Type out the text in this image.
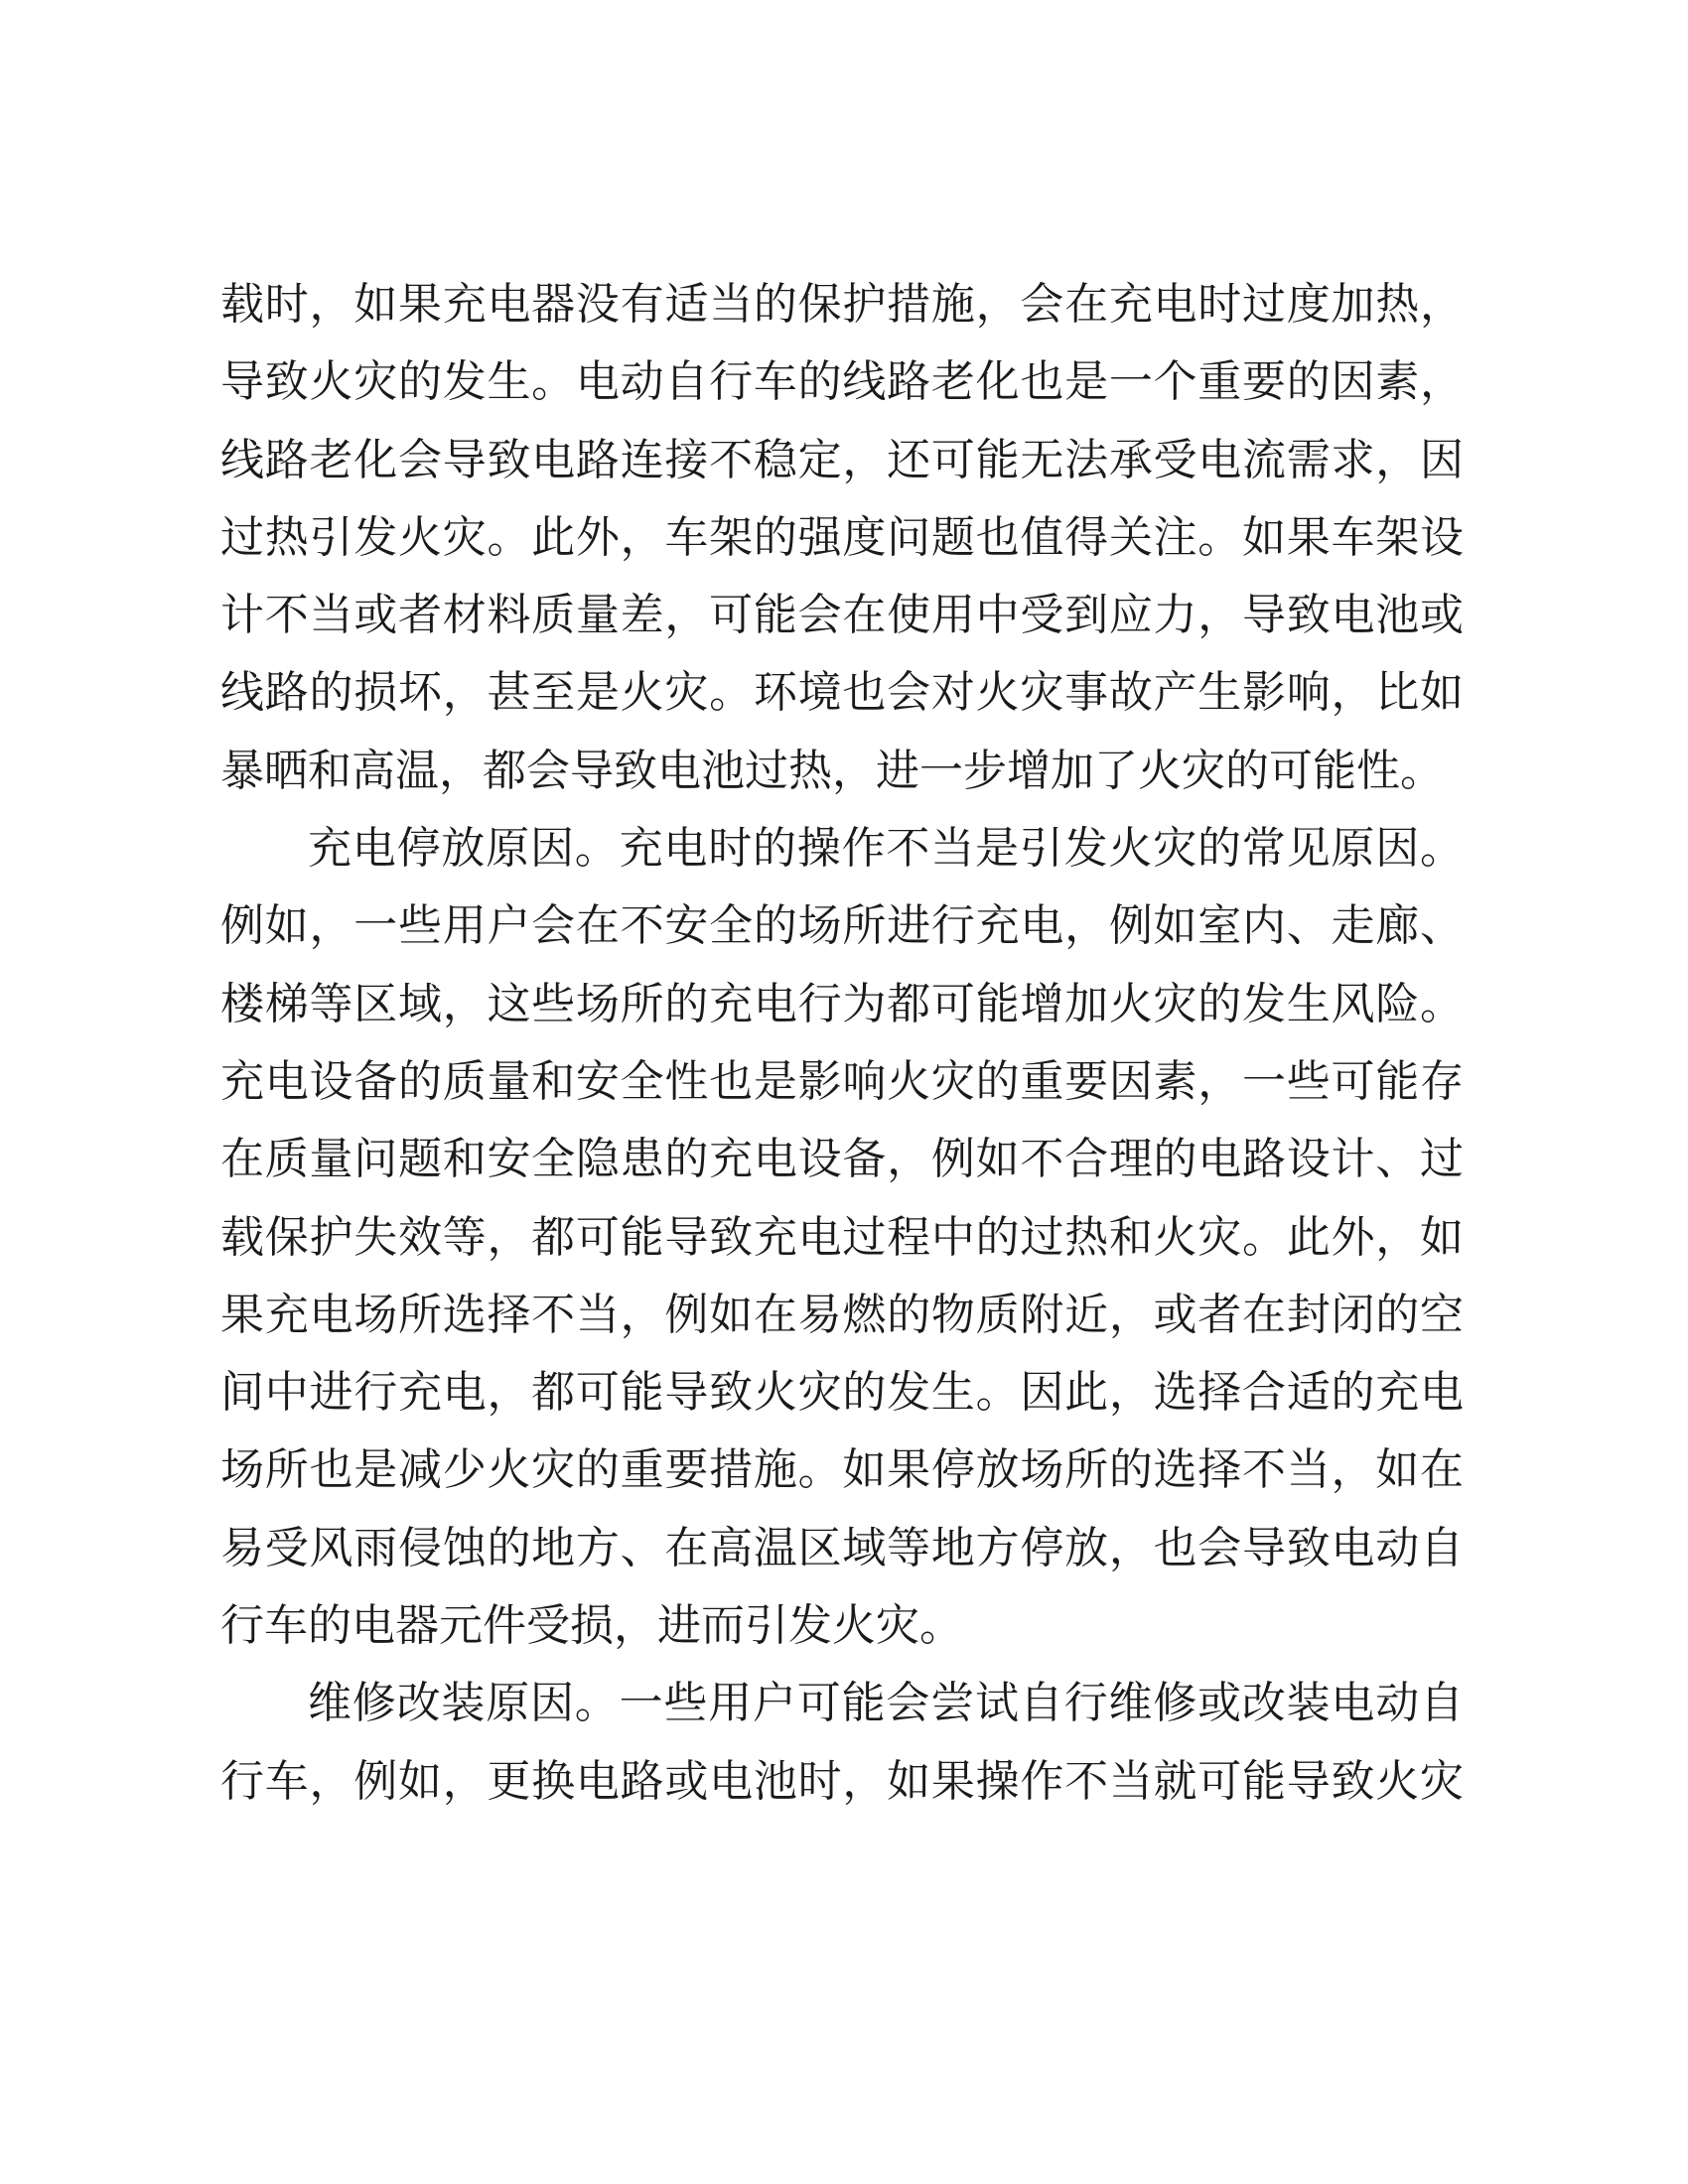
载时，如果充电器没有适当的保护措施，会在充电时过度加热，
导致火灾的发生。电动自行车的线路老化也是一个重要的因素，
线路老化会导致电路连接不稳定，还可能无法承受电流需求，因
过热引发火灾。此外，车架的强度问题也值得关注。如果车架设
计不当或者材料质量差，可能会在使用中受到应力，导致电池或
线路的损坏，甚至是火灾。环境也会对火灾事故产生影响，比如
暴晒和高温，都会导致电池过热，进一步增加了火灾的可能性。
充电停放原因。充电时的操作不当是引发火灾的常见原因。
例如，一些用户会在不安全的场所进行充电，例如室内、走廊、
楼梯等区域，这些场所的充电行为都可能增加火灾的发生风险。
充电设备的质量和安全性也是影响火灾的重要因素，一些可能存
在质量问题和安全隐患的充电设备，例如不合理的电路设计、过
载保护失效等，都可能导致充电过程中的过热和火灾。此外，如
果充电场所选择不当，例如在易燃的物质附近，或者在封闭的空
间中进行充电，都可能导致火灾的发生。因此，选择合适的充电
场所也是减少火灾的重要措施。如果停放场所的选择不当，如在
易受风雨侵蚀的地方、在高温区域等地方停放，也会导致电动自
行车的电器元件受损，进而引发火灾。
维修改装原因。一些用户可能会尝试自行维修或改装电动自
行车，例如，更换电路或电池时，如果操作不当就可能导致火灾
